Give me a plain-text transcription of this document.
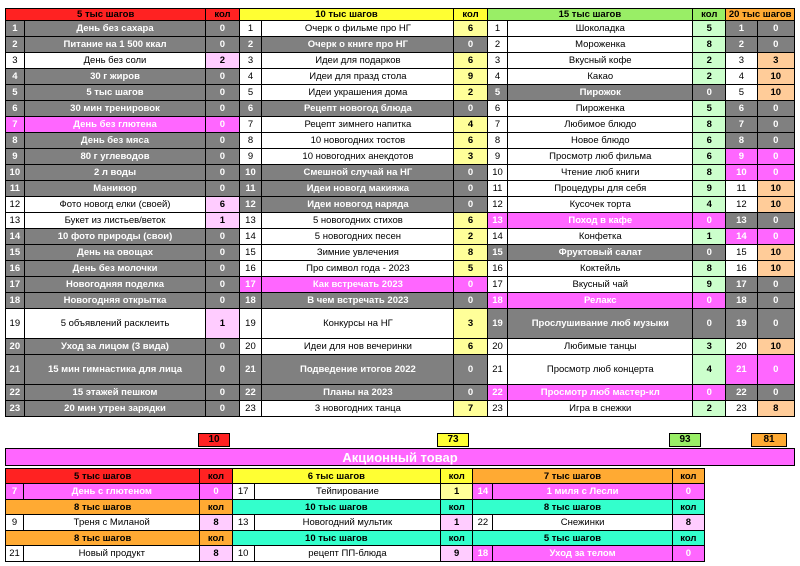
5 тыс шагов		кол	10 тыс шагов		кол	15 тыс шагов		кол	20 тыс шагов	
1	День без сахара	0	1	Очерк о фильме про НГ	6	1	Шоколадка	5	1	0
2	Питание на 1 500 ккал	0	2	Очерк о книге про НГ	0	2	Мороженка	8	2	0
3	День без соли	2	3	Идеи для подарков	6	3	Вкусный кофе	2	3	3
4	30 г жиров	0	4	Идеи для празд стола	9	4	Какао	2	4	10
5	5 тыс шагов	0	5	Идеи украшения дома	2	5	Пирожок	0	5	10
6	30 мин тренировок	0	6	Рецепт новогод блюда	0	6	Пироженка	5	6	0
7	День без глютена	0	7	Рецепт зимнего напитка	4	7	Любимое блюдо	8	7	0
8	День без мяса	0	8	10 новогодних тостов	6	8	Новое блюдо	6	8	0
9	80 г углеводов	0	9	10 новогодних анекдотов	3	9	Просмотр люб фильма	6	9	0
10	2 л воды	0	10	Смешной случай на НГ	0	10	Чтение люб книги	8	10	0
11	Маникюр	0	11	Идеи новогд макияжа	0	11	Процедуры для себя	9	11	10
12	Фото новогд елки (своей)	6	12	Идеи новогод наряда	0	12	Кусочек торта	4	12	10
13	Букет из листьев/веток	1	13	5 новогодних стихов	6	13	Поход в кафе	0	13	0
14	10 фото природы (свои)	0	14	5 новогодних песен	2	14	Конфетка	1	14	0
15	День на овощах	0	15	Зимние увлечения	8	15	Фруктовый салат	0	15	10
16	День без молочки	0	16	Про символ года - 2023	5	16	Коктейль	8	16	10
17	Новогодняя поделка	0	17	Как встречать 2023	0	17	Вкусный чай	9	17	0
18	Новогодняя открытка	0	18	В чем встречать 2023	0	18	Релакс	0	18	0
19	5 объявлений расклеить	1	19	Конкурсы на НГ	3	19	Прослушивание люб музыки	0	19	0
20	Уход за лицом (3 вида)	0	20	Идеи для нов вечеринки	6	20	Любимые танцы	3	20	10
21	15 мин гимнастика для лица	0	21	Подведение итогов 2022	0	21	Просмотр люб концерта	4	21	0
22	15 этажей пешком	0	22	Планы на 2023	0	22	Просмотр люб мастер-кл	0	22	0
23	20 мин утрен зарядки	0	23	3 новогодних танца	7	23	Игра в снежки	2	23	8
10	73	93	81
Акционный товар
5 тыс шагов		кол	6 тыс шагов		кол	7 тыс шагов		кол
7	День с глютеном	0	17	Тейпирование	1	14	1 миля с Лесли	0
8 тыс шагов		кол	10 тыс шагов		кол	8 тыс шагов		кол
9	Треня с Миланой	8	13	Новогодний мультик	1	22	Снежинки	8
8 тыс шагов		кол	10 тыс шагов		кол	5 тыс шагов		кол
21	Новый продукт	8	10	рецепт ПП-блюда	9	18	Уход за телом	0
